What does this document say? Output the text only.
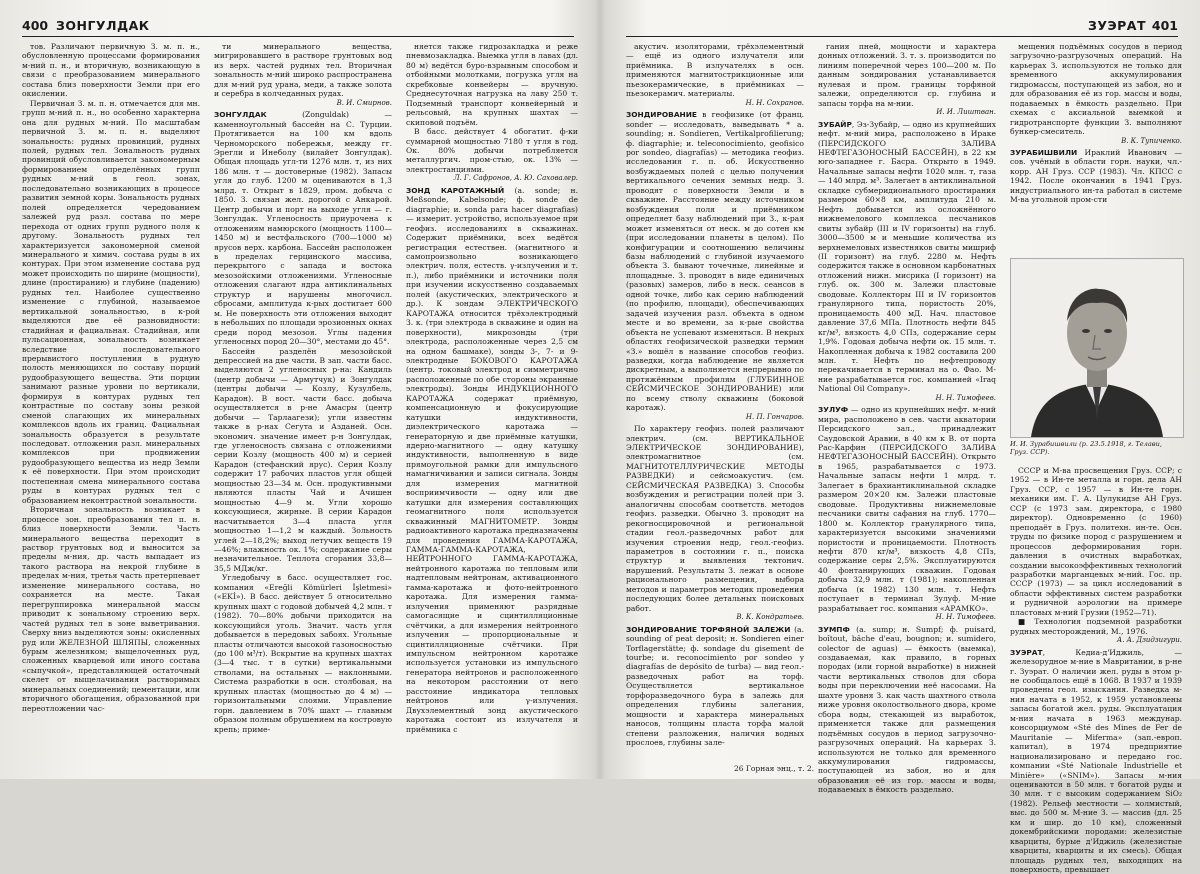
400 ЗОНГУЛДАК

тов. Различают первичную З. м. п. н., обусловленную процессами формирования м-ний п. н., и вторичную, возникающую в связи с преобразованием минерального состава близ поверхности Земли при его окислении.

Первичная З. м. п. н. отмечается для мн. групп м-ний п. н., но особенно характерна она для рудных м-ний. По масштабам первичной З. м. п. н. выделяют зональность: рудных провинций, рудных полей, рудных тел. Зональность рудных провинций обусловливается закономерным формированием определённых групп рудных м-ний в геол. зонах, последовательно возникающих в процессе развития земной коры. Зональность рудных полей определяется чередованием залежей руд разл. состава по мере перехода от одних групп рудного поля к другому. Зональность рудных тел характеризуется закономерной сменой минерального и химич. состава руды в их контурах. При этом изменение состава руд может происходить по ширине (мощности), длине (простиранию) и глубине (падению) рудных тел. Наиболее существенно изменение с глубиной, называемое вертикальной зональностью, в к-рой выделяются две её разновидности: стадийная и фациальная. Стадийная, или пульсационная, зональность возникает вследствие последовательного прерывистого поступления в рудную полость меняющихся по составу порций рудообразующего вещества. Эти порции занимают разные уровни по вертикали, формируя в контурах рудных тел контрастные по составу зоны резкой сменой слагающих их минеральных комплексов вдоль их границ. Фациальная зональность образуется в результате последоват. отложения разл. минеральных комплексов при продвижении рудообразующего вещества из недр Земли к её поверхности. При этом происходит постепенная смена минерального состава руды в контурах рудных тел с образованием неконтрастной зональности.

Вторичная зональность возникает в процессе зон. преобразования тел п. н. близ поверхности Земли. Часть минерального вещества переходит в раствор грунтовых вод и выносится за пределы м-ния, др. часть выпадает из такого раствора на некрой глубине в пределах м-ния, третья часть претерпевает изменение минерального состава, но сохраняется на месте. Такая перегруппировка минеральной массы приводит к зональному строению верх. частей рудных тел в зоне выветривания. Сверху вниз выделяются зоны: окисленных руд или ЖЕЛЕЗНОЙ ШЛЯПЫ, сложенных бурым железняком; выщелоченных руд, сложенных кварцевой или иного состава «сыпучкой», представляющей остаточный скелет от выщелачивания растворимых минеральных соединений; цементации, или вторичного обогащения, образованной при переотложении час-

ти минерального вещества, мигрировавшего в растворе грунтовых вод из верх. частей рудных тел. Вторичная зональность м-ний широко распространена для м-ний руд урана, меди, а также золота и серебра в колчеданных рудах.

В. И. Смирнов.

ЗОНГУЛДАК (Zonguldak) — каменноугольный бассейн на С. Турции. Протягивается на 100 км вдоль Черноморского побережья, между гг. Эрегли и Инеболу (вилайет Зонгулдак). Общая площадь угл-ти 1276 млн. т, из них 186 млн. т — достоверные (1982). Запасы угля до глуб. 1200 м оцениваются в 1,3 млрд. т. Открыт в 1829, пром. добыча с 1850. З. связан жел. дорогой с Анкарой. Центр добычи и порт на выходе угля — г. Зонгулдак. Угленосность приурочена к отложениям намюрского (мощность 1100—1450 м) и вестфальского (700—1000 м) ярусов верх. карбона. Бассейн расположен в пределах герцинского массива, перекрытого с запада и востока мезозойскими отложениями. Угленосные отложения слагают ядра антиклинальных структур и нарушены многочисл. сбросами, амплитуда к-рых достигает 600 м. Не поверхность эти отложения выходят в небольших по площади эрозионных окнах среди пород мезозоя. Углы падения угленосных пород 20—30°, местами до 45°.

Бассейн разделён мезозойской депрессией на две части. В зап. части басс. выделяются 2 угленосных р-на: Кандиль (центр добычи — Армутчук) и Зонгулдак (центры добычи — Козлу, Кузулбель, Карадон). В вост. части басс. добыча осуществляется в р-не Амасры (центр добычи — Тарлаагези); угли известны также в р-нах Сегута и Азданей. Осн. экономич. значение имеет р-н Зонгулдак, где угленосность связана с отложениями серии Козлу (мощность 400 м) и серией Карадон (стефанский ярус). Серия Козлу содержит 17 рабочих пластов угля общей мощностью 23—34 м. Осн. продуктивными являются пласты Чай и Ачишен мощностью 4—9 м. Угли хорошо коксующиеся, жирные. В серии Карадон насчитывается 3—4 пласта угля мощностью 1—1,2 м каждый. Зольность углей 2—18,2%; выход летучих веществ 19—46%; влажность ок. 1%; содержание серы незначительное. Теплота сгорания 33,8—35,5 МДж/кг.

Угледобычу в басс. осуществляет гос. компания «Ereğli Kömürleri İşletmesi» («EKİ»). В басс. действует 5 относительно крупных шахт с годовой добычей 4,2 млн. т (1982). 70—80% добычи приходится на коксующийся уголь. Значит. часть угля добывается в передовых забоях. Угольные пласты отличаются высокой газоносностью (до 100 м³/т). Вскрытие на крупных шахтах (3—4 тыс. т в сутки) вертикальными стволами, на остальных — наклонными. Система разработки в осн. столбовая, на крупных пластах (мощностью до 4 м) — горизонтальными слоями. Управление горн. давлением в 70% шахт — главным образом полным обрушением на костровую крепь; приме-

няется также гидрозакладка и реже пневмозакладка. Выемка угля в лавах (дл. 80 м) ведётся буро-взрывным способом и отбойными молотками, погрузка угля на скребковые конвейеры — вручную. Среднесуточная нагрузка на лаву 250 т. Подземный транспорт конвейерный и рельсовый, на крупных шахтах — скиповой подъём.

В басс. действует 4 обогатит. ф-ки суммарной мощностью 7180 т угля в год. Ок. 80% добычи потребляется металлургич. пром-стью, ок. 13% — электростанциями.

Л. Г. Сафронов, А. Ю. Саховалер.

ЗОНД КАРОТАЖНЫЙ (a. sonde; н. Meßsonde, Kabelsonde; ф. sonde de diagraphie; и. sonda para hacer diagrafias) — измерит. устройство, используемое при геофиз. исследованиях в скважинах. Содержит приёмники, всех ведётся регистрация естествен. (магнитного и самопроизвольно возникающего электрич. поля, естеств. γ-излучения и т. п.), либо приёмники и источники поля при изучении искусственно создаваемых полей (акустических, электрического и др.). К зондам ЭЛЕКТРИЧЕСКОГО КАРОТАЖА относится трёхэлектродный З. к. (три электрода в скважине и один на поверхности), микрозонды (три электрода, расположенные через 2,5 см на одном башмаке), зонды 3-, 7- и 9-электродные БОКОВОГО КАРОТАЖА (центр. токовый электрод и симметрично расположенные по обе стороны экранные электроды). Зонды ИНДУКЦИОННОГО КАРОТАЖА содержат приёмную, компенсационную и фокусирующие катушки индуктивности, диэлектрического каротажа — генераторную и две приёмные катушки, ядерно-магнитного — одну катушку индуктивности, выполненную в виде прямоугольной рамки для импульсного намагничивания и записи сигнала. Зонды для измерения магнитной восприимчивости — одну или две катушки для измерения составляющих геомагнитного поля используется скважинный МАГНИТОМЕТР. Зонды радиоактивного каротажа предназначены для проведения ГАММА-КАРОТАЖА, ГАММА-ГАММА-КАРОТАЖА, НЕЙТРОННОГО ГАММА-КАРОТАЖА, нейтронного каротажа по тепловым или надтепловым нейтронам, активационного гамма-каротажа и фото-нейтронного каротажа. Для измерения гамма-излучения применяют разрядные самогасящие и сцинтилляционные счётчики, а для измерения нейтронного излучения — пропорциональные и сцинтилляционные счётчики. При импульсном нейтронном каротаже используется установки из импульсного генератора нейтронов и расположенного на некотором расстоянии от него расстояние индикатора тепловых нейтронов или γ-излучения. Двухэлементный зонд акустического каротажа состоит из излучателя и приёмника с

ЗУЭРАТ 401

акустич. изоляторами, трёхэлементный — ещё из одного излучателя или приёмника. В излучателях в осн. применяются магнитострикционные или пьезокерамические, в приёмниках — пьезокерамич. материалы.

Н. Н. Сохранов.

ЗОНДИРОВАНИЕ в геофизике (от франц. sonder — исследовать, выведывать * a. sounding; н. Sondieren, Vertikalprofilierung; ф. diagraphie; и. teleconocimiento, geofisico por sondeo, diagrafías) — методика геофиз. исследования г. п. об. Искусственно возбуждаемых полей с целью получения вертикального сечения земных недр. З. проводят с поверхности Земли и в скважине. Расстояние между источником возбуждения поля и приёмником определяет базу наблюдений при З., к-рая может изменяться от неск. м до сотен км (при исследовании планеты в целом). По конфигурации и соотношению величины базы наблюдений с глубиной изучаемого объекта З. бывают точечные, линейные и площадные. З. проводят в виде единичных (разовых) замеров, либо в неск. сеансов в одной точке, либо как серию наблюдений (по профилю, площади), обеспечивающих задачей изучения разл. объекта в одном месте и во времени, за к-рые свойства объекта не успевают изменяться. В некрых областях геофизической разведки термин «З.» вошёл в название способов геофиз. разведки, когда наблюдение не является дискретным, а выполняется непрерывно по протяжённым профилям (ГЛУБИННОЕ СЕЙСМИЧЕСКОЕ ЗОНДИРОВАНИЕ) или по всему стволу скважины (боковой каротаж).

Н. П. Гончаров.

По характеру геофиз. полей различают электрич. (см. ВЕРТИКАЛЬНОЕ ЭЛЕКТРИЧЕСКОЕ ЗОНДИРОВАНИЕ), электромагнитное (см. МАГНИТОТЕЛЛУРИЧЕСКИЕ МЕТОДЫ РАЗВЕДКИ) и сейсмоакустич. (см. СЕЙСМИЧЕСКАЯ РАЗВЕДКА) З. Способы возбуждения и регистрации полей при З. аналогичны способам соответств. методов геофиз. разведки. Обычно З. проводят на рекогносцировочной и региональной стадии геол.-разведочных работ для изучения строения недр, геол.-геофиз. параметров в состоянии г. п., поиска структур и выявления тектонич. нарушений. Результаты З. лежат в основе рационального размещения, выбора методов и параметров методик проведения последующих более детальных поисковых работ.

В. К. Кондратьев.

ЗОНДИРОВАНИЕ ТОРФЯНОЙ ЗАЛЕЖИ (a. sounding of peat deposit; н. Sondieren einer Torflagerstätte; ф. sondage du gisement de tourbe; и. reconocimiento por sondeo y diagrafías de depósito de turba) — вид геол.-разведочных работ на торф. Осуществляется вертикальное торфоразведочного бура в залежь для определения глубины залегания, мощности и характера минеральных наносов, толщины пласта торфа малой степени разложения, наличия водных прослоев, глубины зале-

гания пней, мощности и характера донных отложений. З. т. з. производится по линиям поперечной через 100—200 м. По данным зондирования устанавливается нулевая и пром. границы торфяной залежи, определяются ср. глубина и запасы торфа на м-нии.

И. И. Лиштван.

ЗУБАЙР, Эз-Зубайр, — одно из крупнейших нефт. м-ний мира, расположено в Ираке (ПЕРСИДСКОГО ЗАЛИВА НЕФТЕГАЗОНОСНЫЙ БАССЕЙН), в 22 км юго-западнее г. Басра. Открыто в 1949. Начальные запасы нефти 1020 млн. т, газа — 140 млрд. м³. Залегает в антиклинальной складке субмеридионального простирания размером 60×8 км, амплитуда 210 м. Нефть добывается из осложнённого нижнемелового комплекса песчаников свиты зубайр (III и IV горизонты) на глуб. 3000—3500 м и меньшие количества из верхнемеловых известняков свиты мишриф (II горизонт) на глуб. 2280 м. Нефть содержится также в основном карбонатных отложений нижн. мисрика (I горизонт) на глуб. ок. 300 м. Залежи пластовые сводовые. Коллекторы III и IV горизонтов гранулярного типа, пористость 20%, проницаемость 400 мД. Нач. пластовое давление 37,6 МПа. Плотность нефти 845 кг/м³, вязкость 4,0 СПз, содержание серы 1,9%. Годовая добыча нефти ок. 15 млн. т. Накопленная добыча к 1982 составила 200 млн. т. Нефть по нефтепроводу перекачивается в терминал на о. Фао. М-ние разрабатывается гос. компанией «Iraq National Oil Company».

Н. Н. Тимофеев.

ЗУЛУФ — одно из крупнейших нефт. м-ний мира, расположено в сев. части акватории Персидского зал., принадлежит Саудовской Аравии, в 40 км к В. от порта Рас-Карфин (ПЕРСИДСКОГО ЗАЛИВА НЕФТЕГАЗОНОСНЫЙ БАССЕЙН). Открыто в 1965, разрабатывается с 1973. Начальные запасы нефти 1 млрд. т. Залегает в брахиантиклинальной складке размером 20×20 км. Залежи пластовые сводовые. Продуктивны нижнемеловые песчаники свиты сафания на глуб. 1770—1800 м. Коллектор гранулярного типа, характеризуется высокими значениями пористости и проницаемости. Плотность нефти 870 кг/м³, вязкость 4,8 СПз, содержание серы 2,5%. Эксплуатируются 40 фонтанирующих скважин. Годовая добыча 32,9 млн. т (1981); накопленная добыча (к 1982) 130 млн. т. Нефть поступает в терминал Зулуф. М-ние разрабатывает гос. компания «АРАМКО».

Н. Н. Тимофеев.

ЗУМПФ (a. sump; н. Sumpf; ф. puisard, boîtout, bâche d'eau, bougnon; и. sumidero, colector de aguas) — ёмкость (выемка), создаваемая, как правило, в горных породах (или горной выработке) в нижней части вертикальных стволов для сбора воды при переключении неё насосами. На шахте уровня З. как часть шахтного ствола ниже уровня околоствольного двора, кроме сбора воды, стекающей из выработок, применяется также для размещения подъёмных сосудов в период загрузочно-разгрузочных операций. На карьерах З. используются не только для временного аккумулирования гидромассы, поступающей из забоя, но и для образования её из гор. массы и воды, подаваемых в ёмкость раздельно.

мещения подъёмных сосудов в период загрузочно-разгрузочных операций. На карьерах З. используются не только для временного аккумулирования гидромассы, поступающей из забоя, но и для образования её из гор. массы и воды, подаваемых в ёмкость раздельно. При схемах с аксиальной выемкой и гидротранспорте функции З. выполняют бункер-смеситель.

В. К. Тупиченко.

ЗУРАБИШВИЛИ Ираклий Иванович — сов. учёный в области горн. науки, чл.-корр. АН Груз. ССР (1983). Чл. КПСС с 1942. После окончания в 1941 Груз. индустриального ин-та работал в системе М-ва угольной пром-сти

И. И. Зурабишвили (р. 23.5.1918, г. Телави, Груз. ССР).

СССР и М-ва просвещения Груз. ССР; с 1952 — в Ин-те металла и горн. дела АН Груз. ССР, с 1957 — в Ин-те горн. механики им. Г. А. Цулукидзе АН Груз. ССР (с 1973 зам. директора, с 1980 директор). Одновременно (с 1960) преподаёт в Груз. политехн. ин-те. Осн. труды по физике пород с разрушением и процессов деформирования горн. давления в очистных выработках, создании высокоэффективных технологий разработки марганцевых м-ний. Гос. пр. СССР (1973) — за цикл исследований в области эффективных систем разработки и рудничной аэрологии на примере пластовых м-ний Грузии (1952—71).

■ Технология подземной разработки рудных месторождений, М., 1976.

А. А. Дзидзигури.

ЗУЭРАТ, Кедиа-д'Иджиль, — железорудное м-ние в Мавритании, в р-не г. Зуэрат. О наличии жел. руды в этом р-не сообщалось ещё в 1068. В 1937 и 1939 проведены геол. изыскания. Разведка м-ния начата в 1952, к 1959 установлены запасы богатой жел. руды. Эксплуатация м-ния начата в 1963 междунар. консорциумом «Sté des Mines de Fer de Mauritanie — Miferma» (зап.-европ. капитал), в 1974 предприятие национализировано и передано гос. компании «Sté Nationale Industrielle et Minière» («SNIM»). Запасы м-ния оцениваются в 50 млн. т богатой руды и 30 млн. т с высоким содержанием SiO₂ (1982). Рельеф местности — холмистый, выс. до 500 м. М-ние З. — массив (дл. 25 км и шир. до 10 км), сложенный докембрийскими породами: железистые кварциты, бурые д'Иджиль (железистые кварциты, кварциты и их смесь). Общая площадь рудных тел, выходящих на поверхность, превышает

26 Горная энц., т. 2.
